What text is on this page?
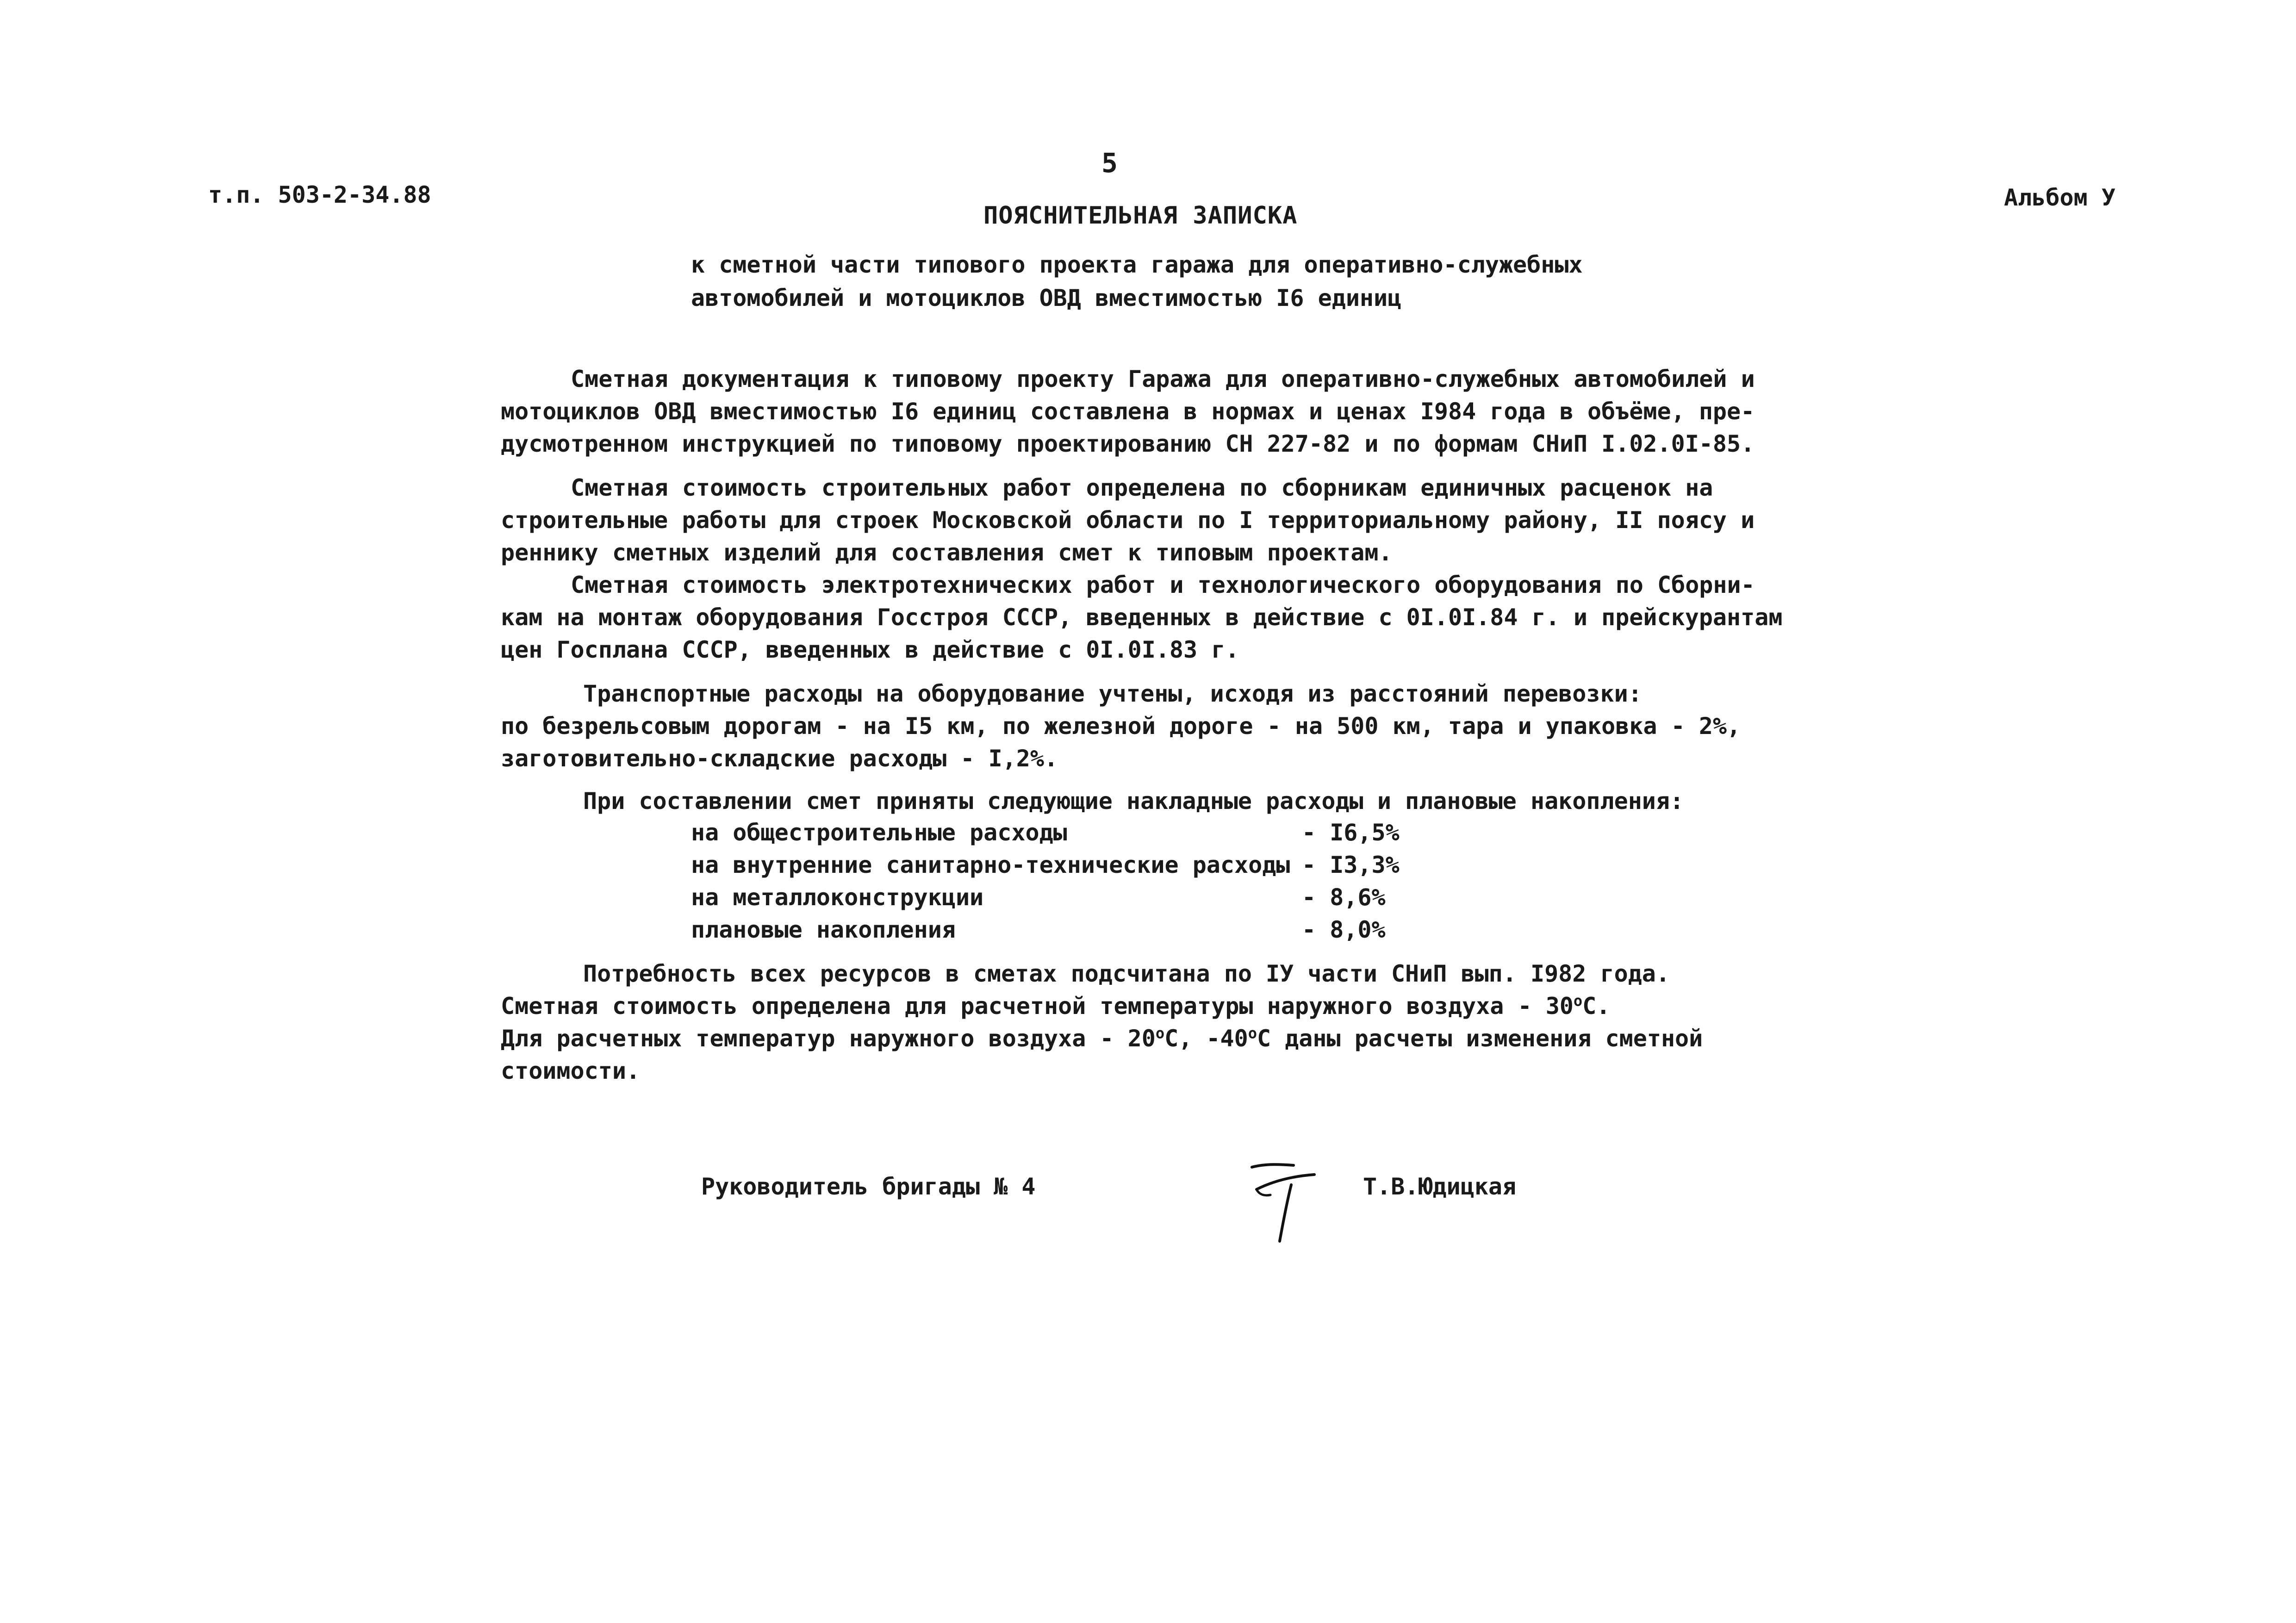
5
т.п. 503-2-34.88	Альбом У
ПОЯСНИТЕЛЬНАЯ ЗАПИСКА
к сметной части типового проекта гаража для оперативно-служебных
автомобилей и мотоциклов ОВД вместимостью I6 единиц
Сметная документация к типовому проекту Гаража для оперативно-служебных автомобилей и
мотоциклов ОВД вместимостью I6 единиц составлена в нормах и ценах I984 года в объёме, пре-
дусмотренном инструкцией по типовому проектированию СН 227-82 и по формам СНиП I.02.0I-85.
Сметная стоимость строительных работ определена по сборникам единичных расценок на
строительные работы для строек Московской области по I территориальному району, II поясу и
реннику сметных изделий для составления смет к типовым проектам.
Сметная стоимость электротехнических работ и технологического оборудования по Сборни-
кам на монтаж оборудования Госстроя СССР, введенных в действие с 0I.0I.84 г. и прейскурантам
цен Госплана СССР, введенных в действие с 0I.0I.83 г.
Транспортные расходы на оборудование учтены, исходя из расстояний перевозки:
по безрельсовым дорогам - на I5 км, по железной дороге - на 500 км, тара и упаковка - 2%,
заготовительно-складские расходы - I,2%.
При составлении смет приняты следующие накладные расходы и плановые накопления:
на общестроительные расходы	- I6,5%
на внутренние санитарно-технические расходы - I3,3%
на металлоконструкции	- 8,6%
плановые накопления	- 8,0%
Потребность всех ресурсов в сметах подсчитана по IУ части СНиП вып. I982 года.
Сметная стоимость определена для расчетной температуры наружного воздуха - $30^оС$.
Для расчетных температур наружного воздуха - $20^оС$, $-40^оС$ даны расчеты изменения сметной
стоимости.
Руководитель бригады № 4	Т.В.Юдицкая
